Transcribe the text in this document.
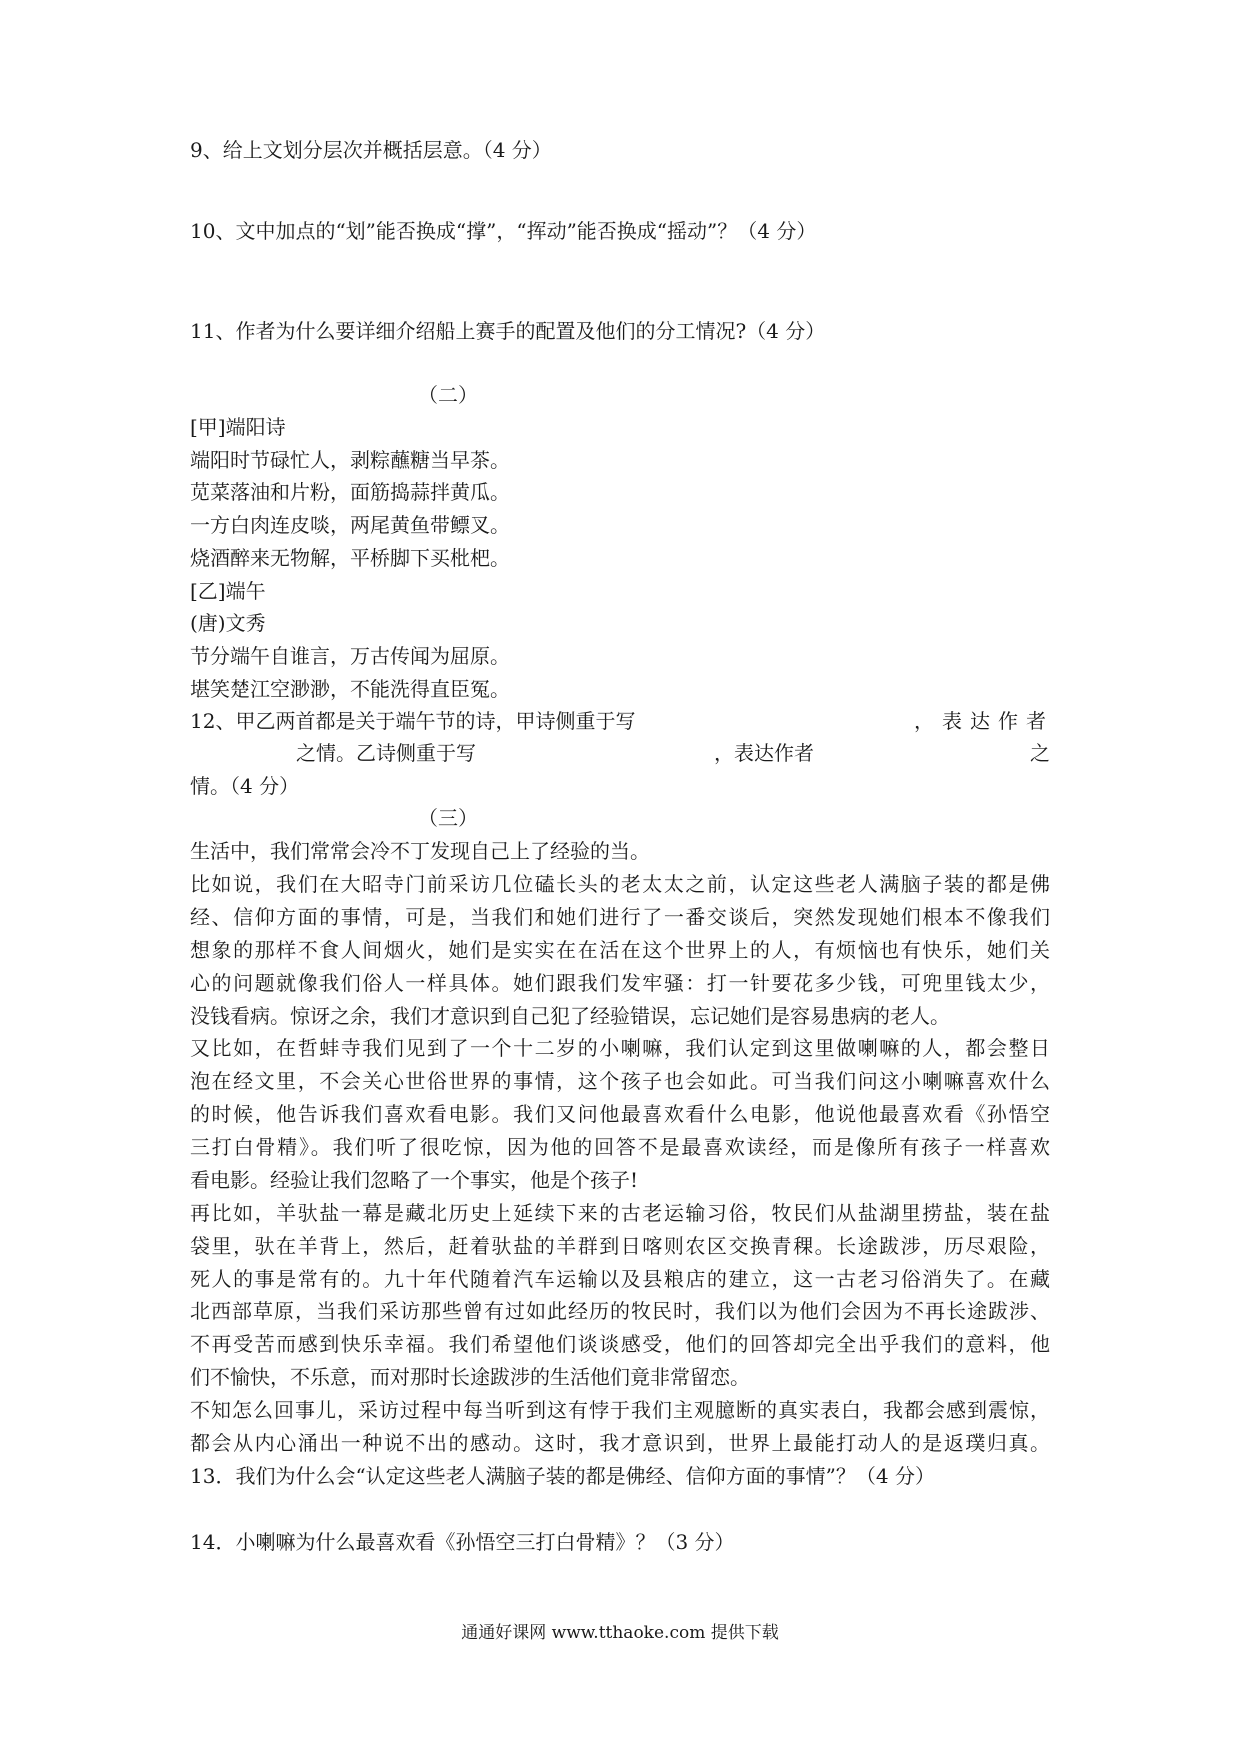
9、给上文划分层次并概括层意。（4 分）
10、文中加点的“划”能否换成“撑”，“挥动”能否换成“摇动”？（4 分）
11、作者为什么要详细介绍船上赛手的配置及他们的分工情况?（4 分）
（二）
[甲]端阳诗
端阳时节碌忙人，剥粽蘸糖当早茶。
苋菜落油和片粉，面筋捣蒜拌黄瓜。
一方白肉连皮啖，两尾黄鱼带鳔叉。
烧酒醉来无物解，平桥脚下买枇杷。
[乙]端午
(唐)文秀
节分端午自谁言，万古传闻为屈原。
堪笑楚江空渺渺，不能洗得直臣冤。
12、甲乙两首都是关于端午节的诗，甲诗侧重于写	，表达作者
之情。乙诗侧重于写	，表达作者	之
情。（4 分）
（三）
生活中，我们常常会冷不丁发现自己上了经验的当。
比如说，我们在大昭寺门前采访几位磕长头的老太太之前，认定这些老人满脑子装的都是佛
经、信仰方面的事情，可是，当我们和她们进行了一番交谈后，突然发现她们根本不像我们
想象的那样不食人间烟火，她们是实实在在活在这个世界上的人，有烦恼也有快乐，她们关
心的问题就像我们俗人一样具体。她们跟我们发牢骚：打一针要花多少钱，可兜里钱太少，
没钱看病。惊讶之余，我们才意识到自己犯了经验错误，忘记她们是容易患病的老人。
又比如，在哲蚌寺我们见到了一个十二岁的小喇嘛，我们认定到这里做喇嘛的人，都会整日
泡在经文里，不会关心世俗世界的事情，这个孩子也会如此。可当我们问这小喇嘛喜欢什么
的时候，他告诉我们喜欢看电影。我们又问他最喜欢看什么电影，他说他最喜欢看《孙悟空
三打白骨精》。我们听了很吃惊，因为他的回答不是最喜欢读经，而是像所有孩子一样喜欢
看电影。经验让我们忽略了一个事实，他是个孩子!
再比如，羊驮盐一幕是藏北历史上延续下来的古老运输习俗，牧民们从盐湖里捞盐，装在盐
袋里，驮在羊背上，然后，赶着驮盐的羊群到日喀则农区交换青稞。长途跋涉，历尽艰险，
死人的事是常有的。九十年代随着汽车运输以及县粮店的建立，这一古老习俗消失了。在藏
北西部草原，当我们采访那些曾有过如此经历的牧民时，我们以为他们会因为不再长途跋涉、
不再受苦而感到快乐幸福。我们希望他们谈谈感受，他们的回答却完全出乎我们的意料，他
们不愉快，不乐意，而对那时长途跋涉的生活他们竟非常留恋。
不知怎么回事儿，采访过程中每当听到这有悖于我们主观臆断的真实表白，我都会感到震惊，
都会从内心涌出一种说不出的感动。这时，我才意识到，世界上最能打动人的是返璞归真。
13．我们为什么会“认定这些老人满脑子装的都是佛经、信仰方面的事情”？（4 分）
14．小喇嘛为什么最喜欢看《孙悟空三打白骨精》？（3 分）
通通好课网 www.tthaoke.com 提供下载
